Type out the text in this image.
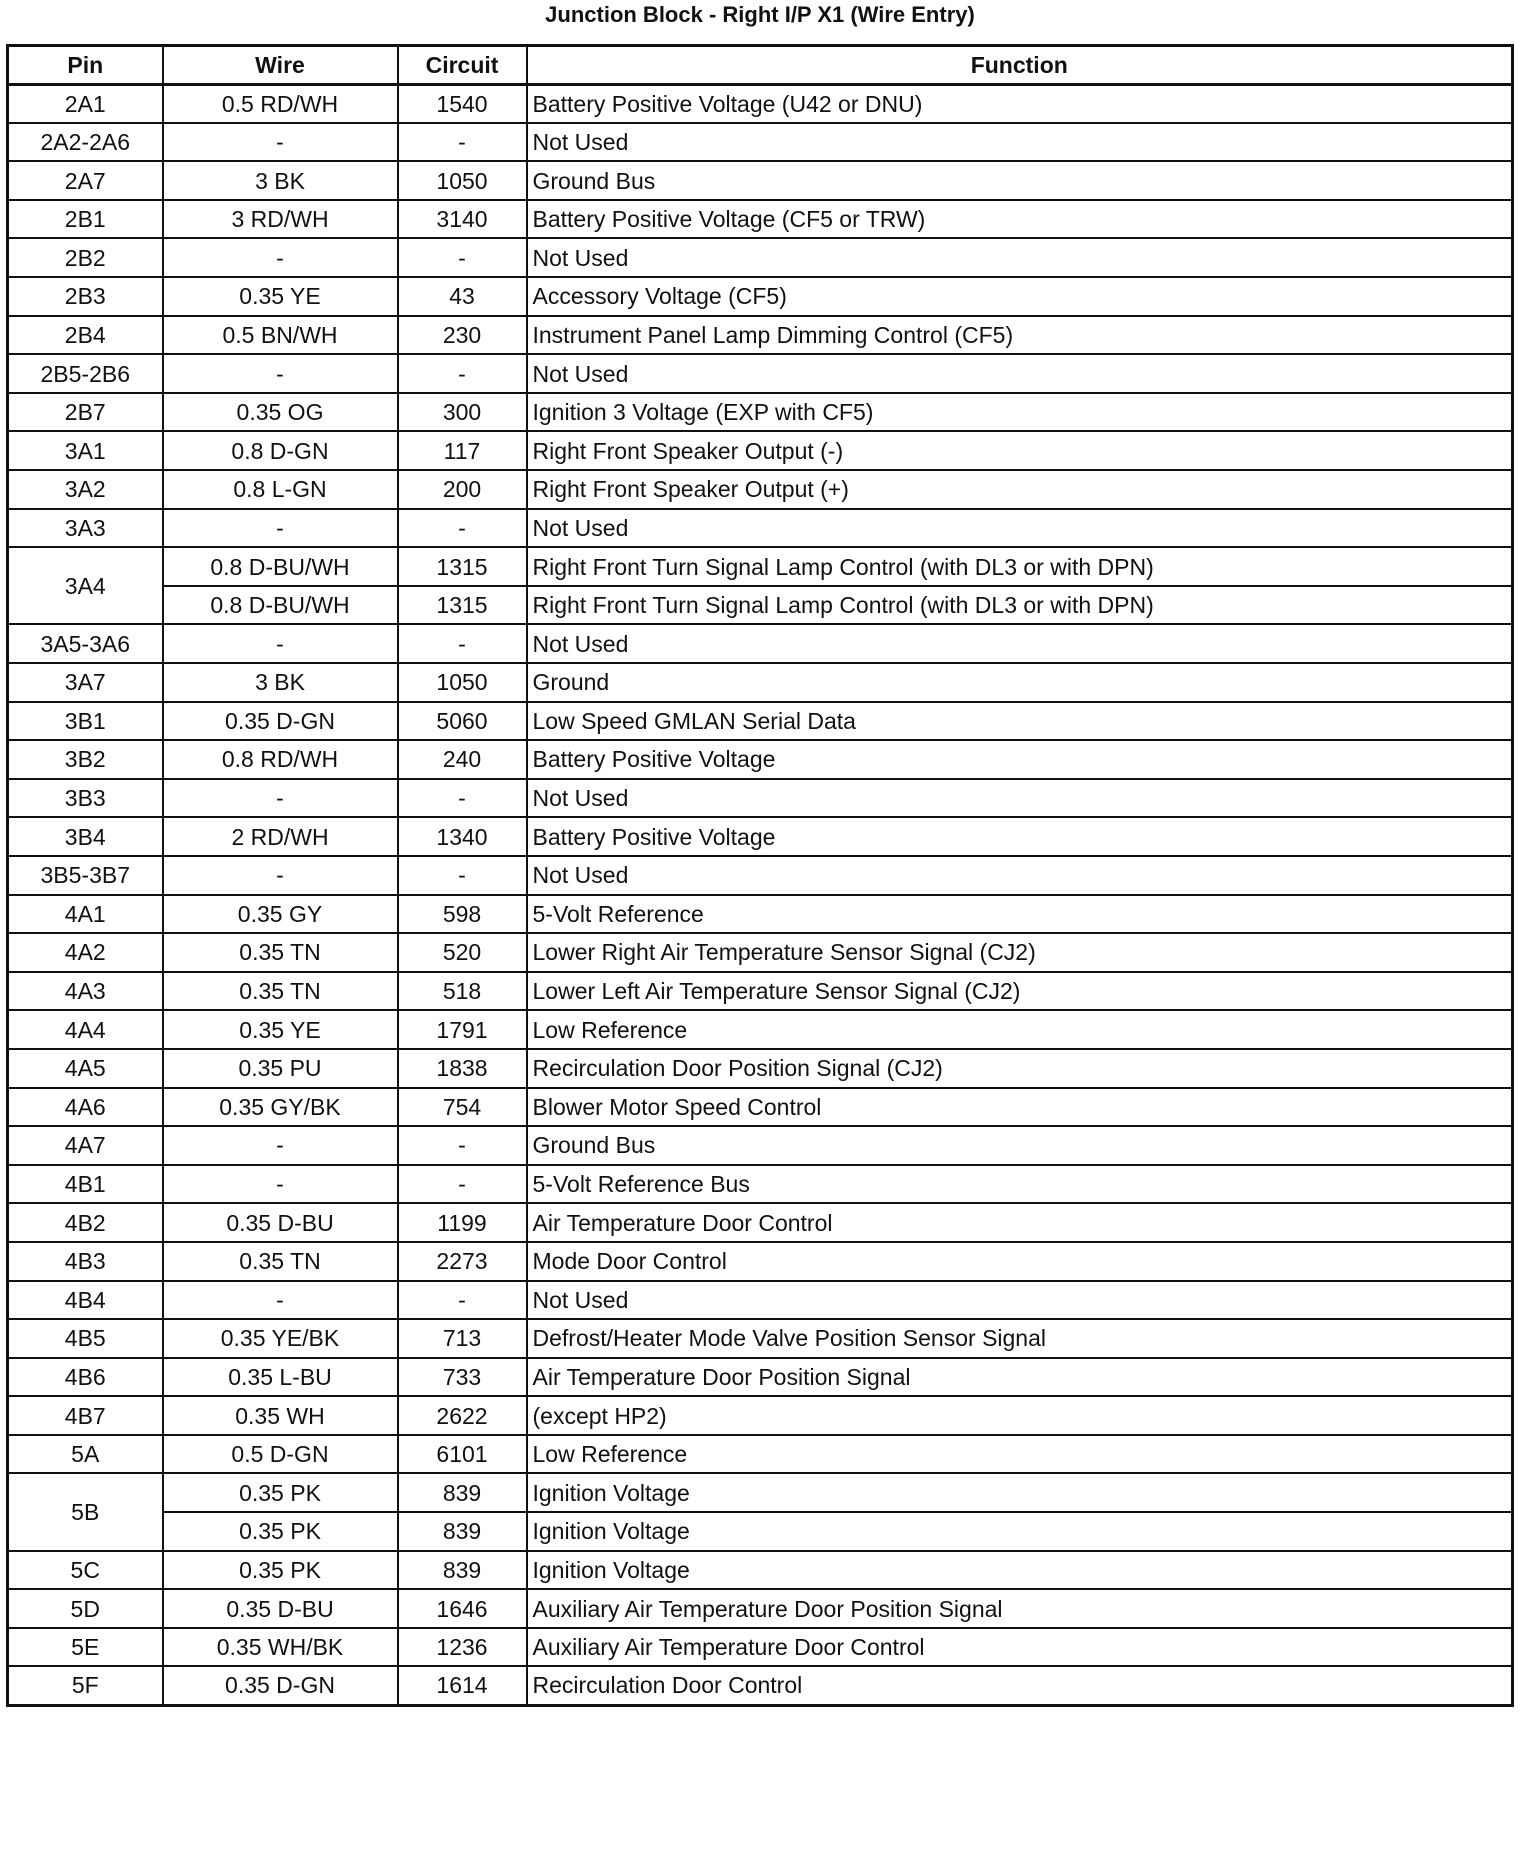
Junction Block - Right I/P X1 (Wire Entry)
Pin	Wire	Circuit	Function
2A1	0.5 RD/WH	1540	Battery Positive Voltage (U42 or DNU)
2A2-2A6	-	-	Not Used
2A7	3 BK	1050	Ground Bus
2B1	3 RD/WH	3140	Battery Positive Voltage (CF5 or TRW)
2B2	-	-	Not Used
2B3	0.35 YE	43	Accessory Voltage (CF5)
2B4	0.5 BN/WH	230	Instrument Panel Lamp Dimming Control (CF5)
2B5-2B6	-	-	Not Used
2B7	0.35 OG	300	Ignition 3 Voltage (EXP with CF5)
3A1	0.8 D-GN	117	Right Front Speaker Output (-)
3A2	0.8 L-GN	200	Right Front Speaker Output (+)
3A3	-	-	Not Used
3A4	0.8 D-BU/WH	1315	Right Front Turn Signal Lamp Control (with DL3 or with DPN)
	0.8 D-BU/WH	1315	Right Front Turn Signal Lamp Control (with DL3 or with DPN)
3A5-3A6	-	-	Not Used
3A7	3 BK	1050	Ground
3B1	0.35 D-GN	5060	Low Speed GMLAN Serial Data
3B2	0.8 RD/WH	240	Battery Positive Voltage
3B3	-	-	Not Used
3B4	2 RD/WH	1340	Battery Positive Voltage
3B5-3B7	-	-	Not Used
4A1	0.35 GY	598	5-Volt Reference
4A2	0.35 TN	520	Lower Right Air Temperature Sensor Signal (CJ2)
4A3	0.35 TN	518	Lower Left Air Temperature Sensor Signal (CJ2)
4A4	0.35 YE	1791	Low Reference
4A5	0.35 PU	1838	Recirculation Door Position Signal (CJ2)
4A6	0.35 GY/BK	754	Blower Motor Speed Control
4A7	-	-	Ground Bus
4B1	-	-	5-Volt Reference Bus
4B2	0.35 D-BU	1199	Air Temperature Door Control
4B3	0.35 TN	2273	Mode Door Control
4B4	-	-	Not Used
4B5	0.35 YE/BK	713	Defrost/Heater Mode Valve Position Sensor Signal
4B6	0.35 L-BU	733	Air Temperature Door Position Signal
4B7	0.35 WH	2622	(except HP2)
5A	0.5 D-GN	6101	Low Reference
5B	0.35 PK	839	Ignition Voltage
	0.35 PK	839	Ignition Voltage
5C	0.35 PK	839	Ignition Voltage
5D	0.35 D-BU	1646	Auxiliary Air Temperature Door Position Signal
5E	0.35 WH/BK	1236	Auxiliary Air Temperature Door Control
5F	0.35 D-GN	1614	Recirculation Door Control
